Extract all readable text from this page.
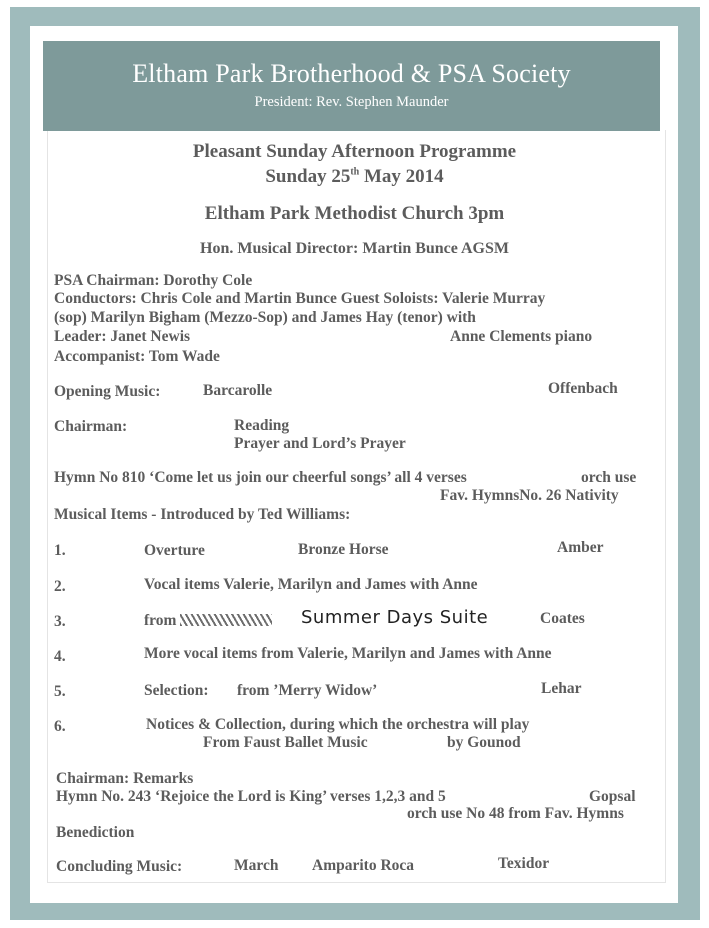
Eltham Park Brotherhood & PSA Society
President: Rev. Stephen Maunder
Pleasant Sunday Afternoon Programme
Sunday 25th May 2014
Eltham Park Methodist Church 3pm
Hon. Musical Director: Martin Bunce AGSM
PSA Chairman: Dorothy Cole
Conductors: Chris Cole and Martin Bunce Guest Soloists: Valerie Murray
(sop) Marilyn Bigham (Mezzo-Sop) and James Hay (tenor) with
Leader: Janet Newis	Anne Clements piano
Accompanist: Tom Wade
Opening Music:	Barcarolle	Offenbach
Chairman:	Reading
Prayer and Lord’s Prayer
Hymn No 810 ‘Come let us join our cheerful songs’ all 4 verses	orch use
Fav. HymnsNo. 26 Nativity
Musical Items - Introduced by Ted Williams:
1.	Overture	Bronze Horse	Amber
2.	Vocal items Valerie, Marilyn and James with Anne
3.	from	Summer Days Suite	Coates
4.	More vocal items from Valerie, Marilyn and James with Anne
5.	Selection: from ’Merry Widow’	Lehar
6.	Notices & Collection, during which the orchestra will play
From Faust Ballet Music	by Gounod
Chairman: Remarks
Hymn No. 243 ‘Rejoice the Lord is King’ verses 1,2,3 and 5	Gopsal
orch use No 48 from Fav. Hymns
Benediction
Concluding Music:	March Amparito Roca	Texidor
